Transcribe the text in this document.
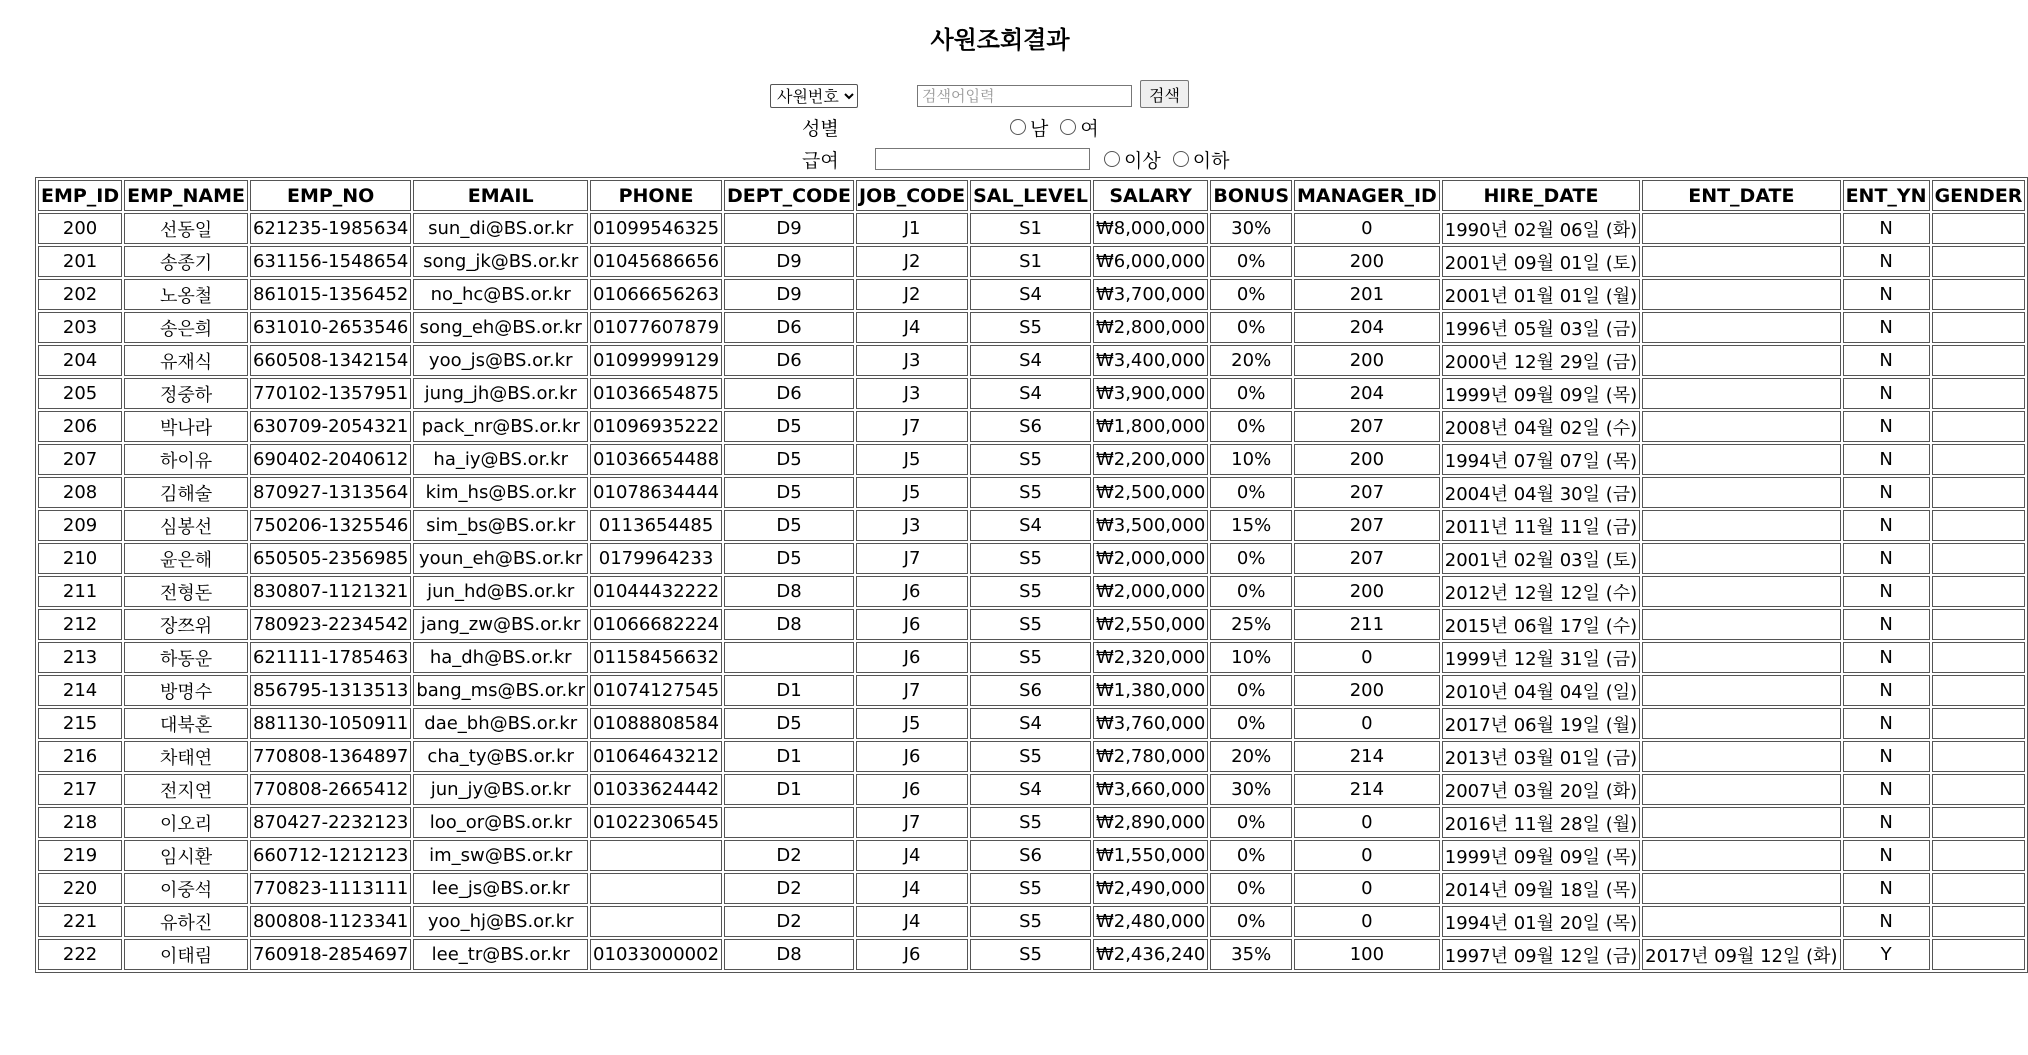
사원조회결과
사원번호
검색어입력
검색
성별	남 여
급여	이상 이하
EMP_ID	EMP_NAME	EMP_NO	EMAIL	PHONE	DEPT_CODE	JOB_CODE	SAL_LEVEL	SALARY	BONUS	MANAGER_ID	HIRE_DATE	ENT_DATE	ENT_YN	GENDER
200	선동일	621235-1985634	sun_di@BS.or.kr	01099546325	D9	J1	S1	₩8,000,000	30%	0	1990년 02월 06일 (화)		N	
201	송종기	631156-1548654	song_jk@BS.or.kr	01045686656	D9	J2	S1	₩6,000,000	0%	200	2001년 09월 01일 (토)		N	
202	노옹철	861015-1356452	no_hc@BS.or.kr	01066656263	D9	J2	S4	₩3,700,000	0%	201	2001년 01월 01일 (월)		N	
203	송은희	631010-2653546	song_eh@BS.or.kr	01077607879	D6	J4	S5	₩2,800,000	0%	204	1996년 05월 03일 (금)		N	
204	유재식	660508-1342154	yoo_js@BS.or.kr	01099999129	D6	J3	S4	₩3,400,000	20%	200	2000년 12월 29일 (금)		N	
205	정중하	770102-1357951	jung_jh@BS.or.kr	01036654875	D6	J3	S4	₩3,900,000	0%	204	1999년 09월 09일 (목)		N	
206	박나라	630709-2054321	pack_nr@BS.or.kr	01096935222	D5	J7	S6	₩1,800,000	0%	207	2008년 04월 02일 (수)		N	
207	하이유	690402-2040612	ha_iy@BS.or.kr	01036654488	D5	J5	S5	₩2,200,000	10%	200	1994년 07월 07일 (목)		N	
208	김해술	870927-1313564	kim_hs@BS.or.kr	01078634444	D5	J5	S5	₩2,500,000	0%	207	2004년 04월 30일 (금)		N	
209	심봉선	750206-1325546	sim_bs@BS.or.kr	0113654485	D5	J3	S4	₩3,500,000	15%	207	2011년 11월 11일 (금)		N	
210	윤은해	650505-2356985	youn_eh@BS.or.kr	0179964233	D5	J7	S5	₩2,000,000	0%	207	2001년 02월 03일 (토)		N	
211	전형돈	830807-1121321	jun_hd@BS.or.kr	01044432222	D8	J6	S5	₩2,000,000	0%	200	2012년 12월 12일 (수)		N	
212	장쯔위	780923-2234542	jang_zw@BS.or.kr	01066682224	D8	J6	S5	₩2,550,000	25%	211	2015년 06월 17일 (수)		N	
213	하동운	621111-1785463	ha_dh@BS.or.kr	01158456632		J6	S5	₩2,320,000	10%	0	1999년 12월 31일 (금)		N	
214	방명수	856795-1313513	bang_ms@BS.or.kr	01074127545	D1	J7	S6	₩1,380,000	0%	200	2010년 04월 04일 (일)		N	
215	대북혼	881130-1050911	dae_bh@BS.or.kr	01088808584	D5	J5	S4	₩3,760,000	0%	0	2017년 06월 19일 (월)		N	
216	차태연	770808-1364897	cha_ty@BS.or.kr	01064643212	D1	J6	S5	₩2,780,000	20%	214	2013년 03월 01일 (금)		N	
217	전지연	770808-2665412	jun_jy@BS.or.kr	01033624442	D1	J6	S4	₩3,660,000	30%	214	2007년 03월 20일 (화)		N	
218	이오리	870427-2232123	loo_or@BS.or.kr	01022306545		J7	S5	₩2,890,000	0%	0	2016년 11월 28일 (월)		N	
219	임시환	660712-1212123	im_sw@BS.or.kr		D2	J4	S6	₩1,550,000	0%	0	1999년 09월 09일 (목)		N	
220	이중석	770823-1113111	lee_js@BS.or.kr		D2	J4	S5	₩2,490,000	0%	0	2014년 09월 18일 (목)		N	
221	유하진	800808-1123341	yoo_hj@BS.or.kr		D2	J4	S5	₩2,480,000	0%	0	1994년 01월 20일 (목)		N	
222	이태림	760918-2854697	lee_tr@BS.or.kr	01033000002	D8	J6	S5	₩2,436,240	35%	100	1997년 09월 12일 (금)	2017년 09월 12일 (화)	Y	
